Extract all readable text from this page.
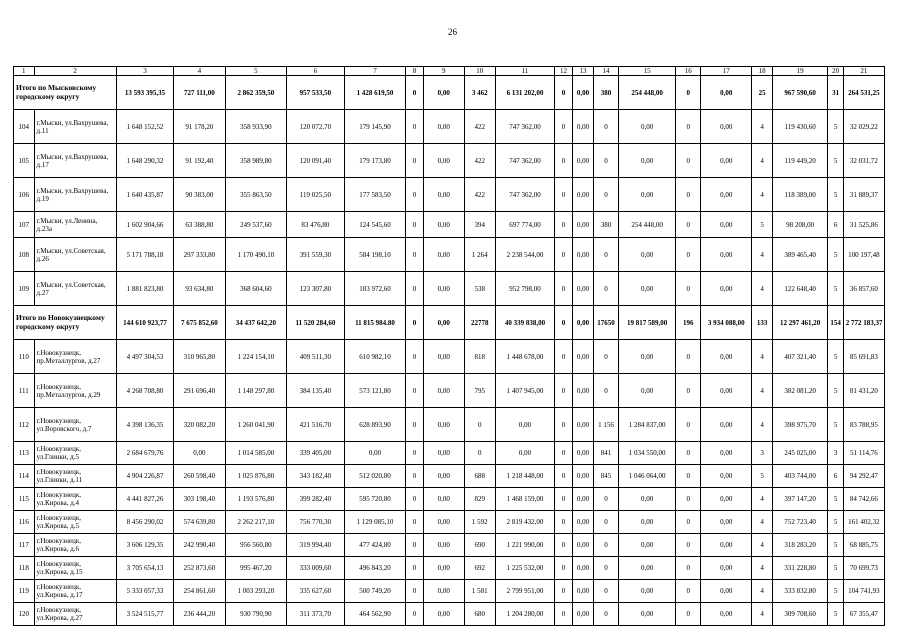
26
1	2	3	4	5	6	7	8	9	10	11	12	13	14	15	16	17	18	19	20	21
Итого по Мысковскому городскому округу		13 593 395,35	727 111,00	2 862 359,50	957 533,50	1 428 619,50	0	0,00	3 462	6 131 202,00	0	0,00	380	254 448,00	0	0,00	25	967 590,60	31	264 531,25
104	г.Мыски, ул.Вахрушева, д.11	1 648 152,52	91 178,20	358 933,90	120 072,70	179 145,90	0	0,00	422	747 362,00	0	0,00	0	0,00	0	0,00	4	119 430,60	5	32 029,22
105	г.Мыски, ул.Вахрушева, д.17	1 648 290,32	91 192,40	358 989,80	120 091,40	179 173,80	0	0,00	422	747 362,00	0	0,00	0	0,00	0	0,00	4	119 449,20	5	32 031,72
106	г.Мыски, ул.Вахрушева, д.19	1 640 435,87	90 383,00	355 863,50	119 025,50	177 583,50	0	0,00	422	747 362,00	0	0,00	0	0,00	0	0,00	4	118 389,00	5	31 889,37
107	г.Мыски, ул.Ленина, д.23а	1 602 904,66	63 388,80	249 537,60	83 476,80	124 545,60	0	0,00	394	697 774,00	0	0,00	380	254 448,00	0	0,00	5	98 208,00	6	31 525,86
108	г.Мыски, ул.Советская, д.26	5 171 788,18	297 333,80	1 170 490,10	391 559,30	584 198,10	0	0,00	1 264	2 238 544,00	0	0,00	0	0,00	0	0,00	4	389 465,40	5	100 197,48
109	г.Мыски, ул.Советская, д.27	1 881 823,80	93 634,80	368 604,60	123 307,80	183 972,60	0	0,00	538	952 798,00	0	0,00	0	0,00	0	0,00	4	122 648,40	5	36 857,60
Итого по Новокузнецкому городскому округу		144 610 923,77	7 675 852,60	34 437 642,20	11 520 284,60	11 815 984.80	0	0,00	22778	40 339 838,00	0	0,00	17650	19 817 589,00	196	3 934 088,00	133	12 297 461,20	154	2 772 183,37
110	г.Новокузнецк, пр.Металлургов, д.27	4 497 304,53	310 965,80	1 224 154,10	409 511,30	610 982,10	0	0,00	818	1 448 678,00	0	0,00	0	0,00	0	0,00	4	407 321,40	5	85 691,83
111	г.Новокузнецк, пр.Металлургов, д.29	4 268 708,80	291 696,40	1 148 297,80	384 135,40	573 121,80	0	0,00	795	1 407 945,00	0	0,00	0	0,00	0	0,00	4	382 081,20	5	81 431,20
112	г.Новокузнецк, ул.Воровского, д.7	4 398 136,35	320 082,20	1 260 041,90	421 516,70	628 893,90	0	0,00	0	0,00	0	0,00	1 156	1 284 837,00	0	0,00	4	398 975,70	5	83 788,95
113	г.Новокузнецк, ул.Глинки, д.5	2 684 679,76	0,00	1 014 585,00	339 405,00	0,00	0	0,00	0	0,00	0	0,00	841	1 034 550,00	0	0,00	3	245 025,00	3	51 114,76
114	г.Новокузнецк, ул.Глинки, д.11	4 904 226,87	260 598,40	1 025 876,80	343 182,40	512 020,80	0	0,00	688	1 218 448,00	0	0,00	845	1 046 064,00	0	0,00	5	403 744,00	6	94 292,47
115	г.Новокузнецк, ул.Кирова, д.4	4 441 827,26	303 198,40	1 193 576,80	399 282,40	595 720,80	0	0,00	829	1 468 159,00	0	0,00	0	0,00	0	0,00	4	397 147,20	5	84 742,66
116	г.Новокузнецк, ул.Кирова, д.5	8 456 290,02	574 639,80	2 262 217,10	756 770,30	1 129 085,10	0	0,00	1 592	2 819 432,00	0	0,00	0	0,00	0	0,00	4	752 723,40	5	161 402,32
117	г.Новокузнецк, ул.Кирова, д.6	3 606 129,35	242 990,40	956 560,80	319 994,40	477 424,80	0	0,00	690	1 221 990,00	0	0,00	0	0,00	0	0,00	4	318 283,20	5	68 885,75
118	г.Новокузнецк, ул.Кирова, д.15	3 705 654,13	252 873,60	995 467,20	333 009,60	496 843,20	0	0,00	692	1 225 532,00	0	0,00	0	0,00	0	0,00	4	331 228,80	5	70 699,73
119	г.Новокузнецк, ул.Кирова, д.17	5 333 057,33	254 861,60	1 003 293,20	335 627,60	500 749,20	0	0,00	1 581	2 799 951,00	0	0,00	0	0,00	0	0,00	4	333 832,80	5	104 741,93
120	г.Новокузнецк, ул.Кирова, д.27	3 524 515,77	236 444,20	930 790,90	311 373,70	464 562,90	0	0,00	680	1 204 280,00	0	0,00	0	0,00	0	0,00	4	309 708,60	5	67 355,47
